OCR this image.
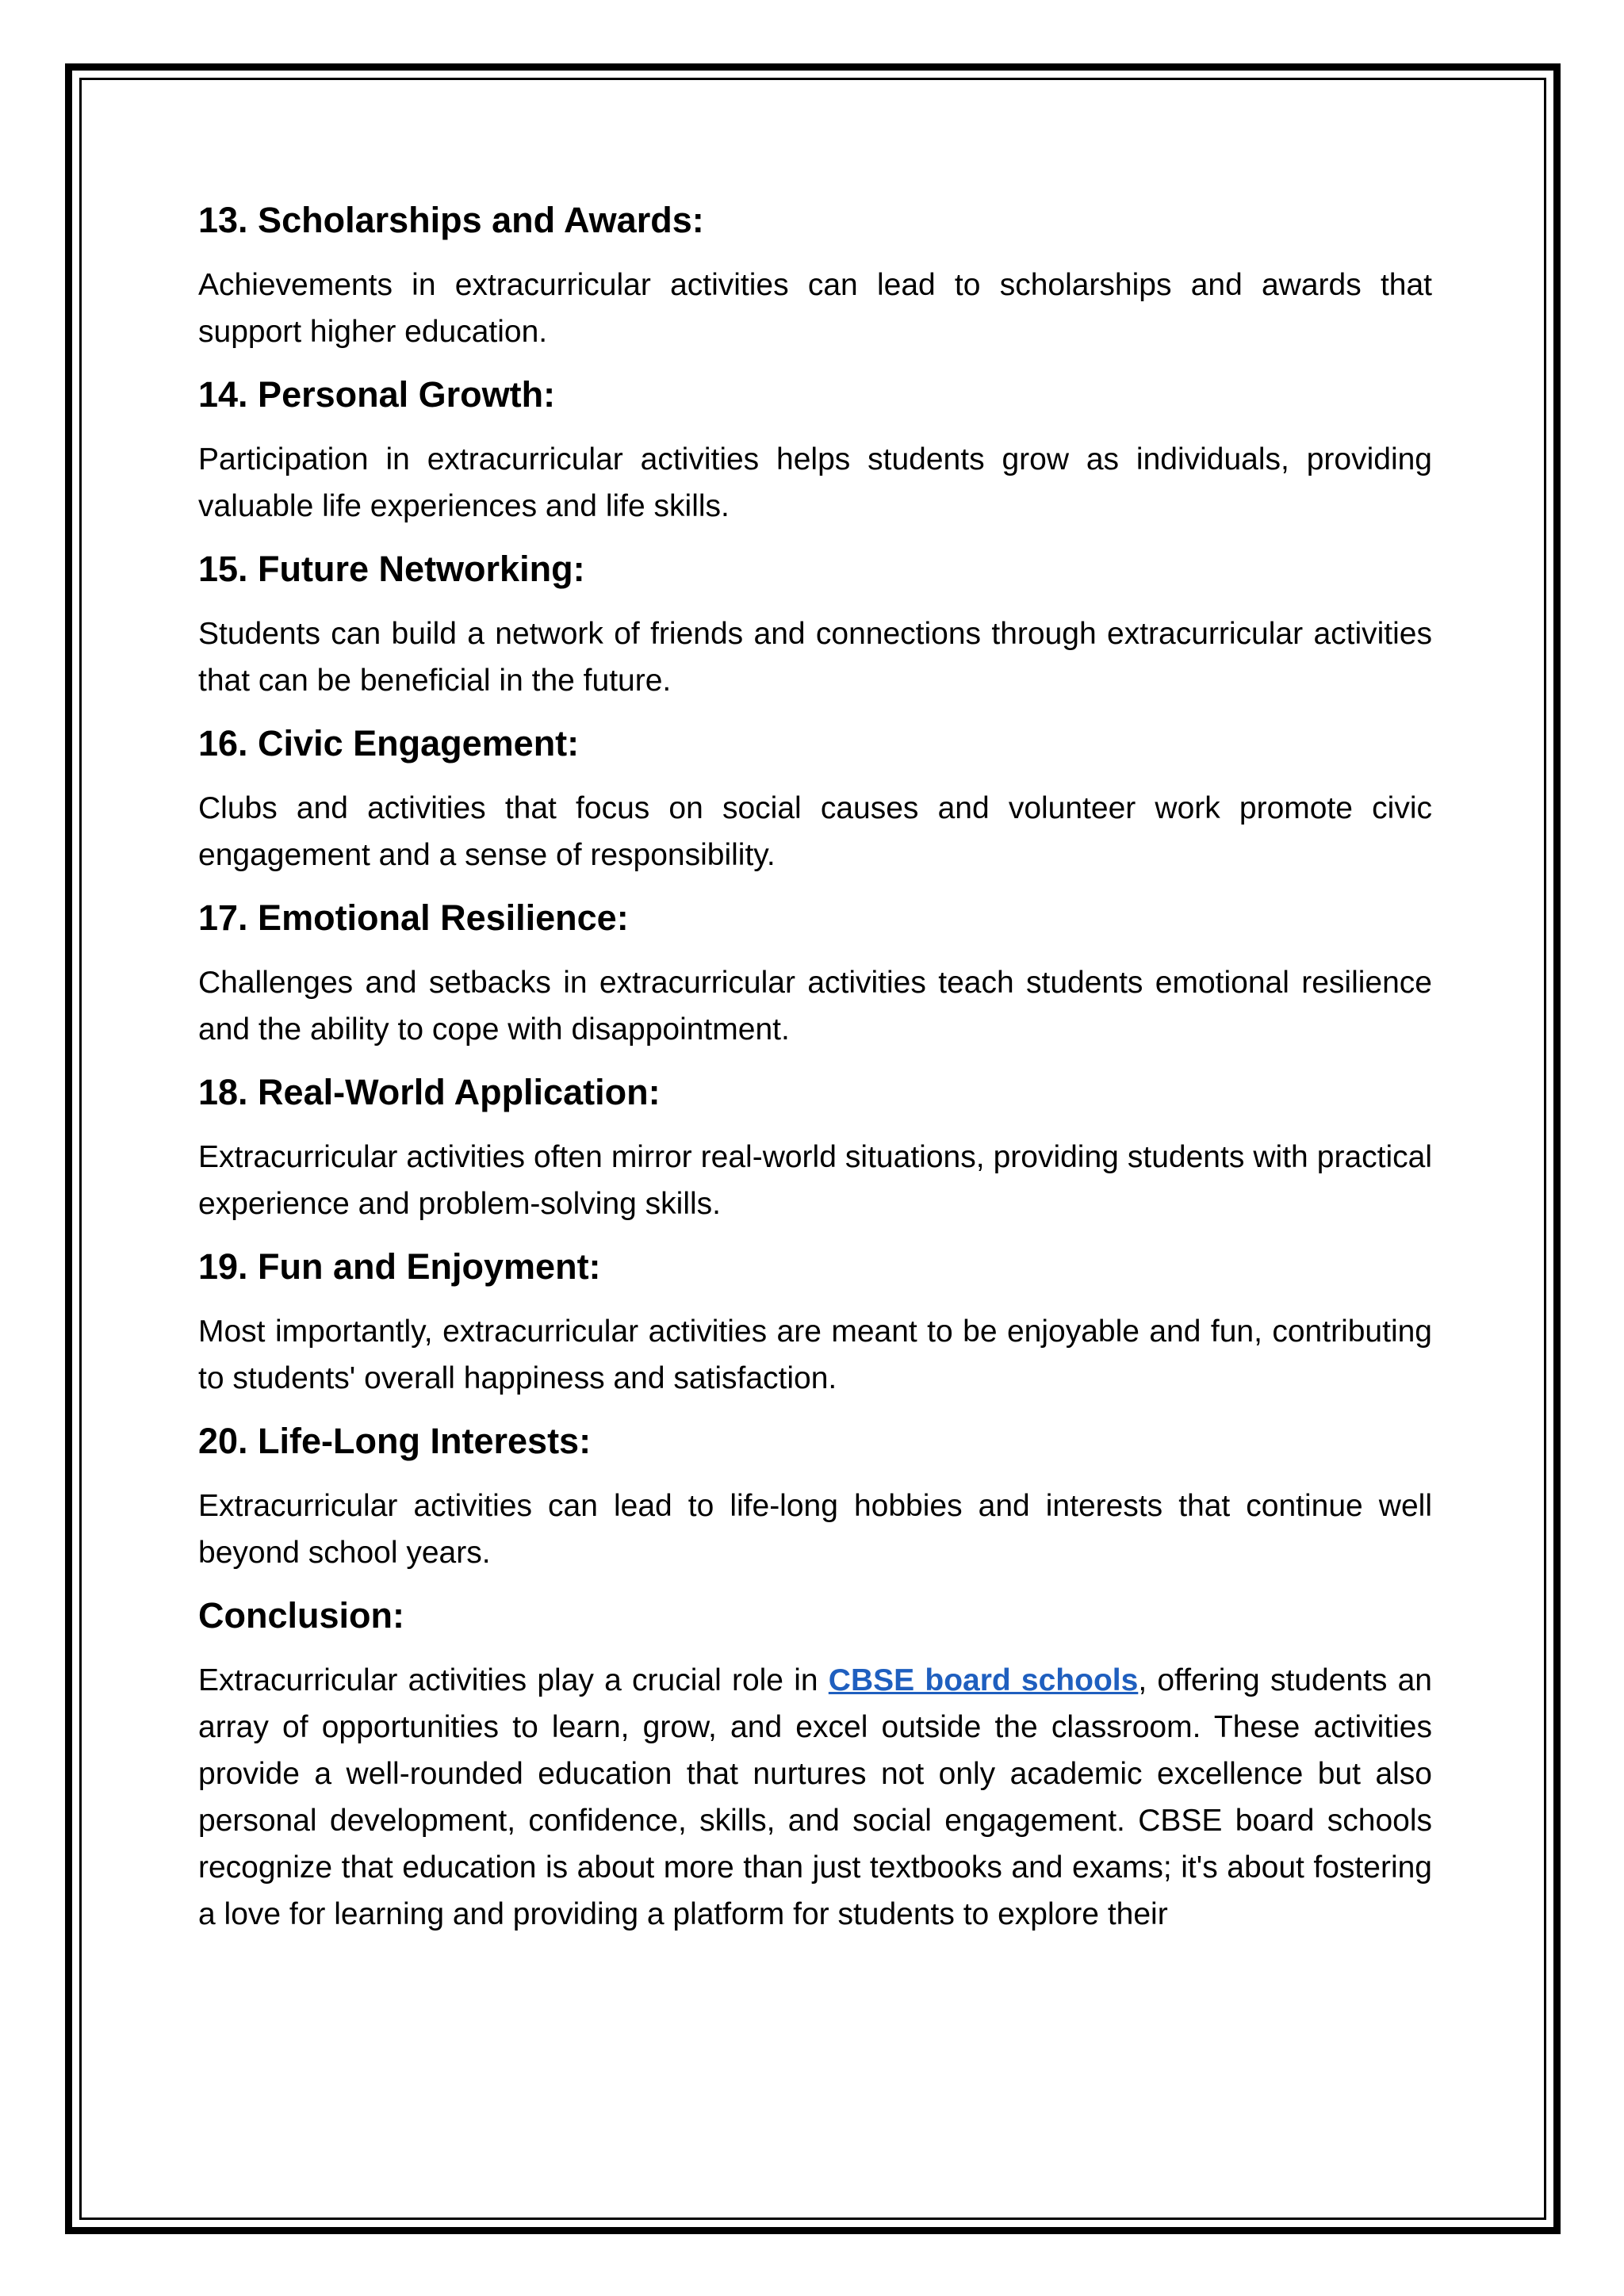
13. Scholarships and Awards:
Achievements in extracurricular activities can lead to scholarships and awards that support higher education.
14. Personal Growth:
Participation in extracurricular activities helps students grow as individuals, providing valuable life experiences and life skills.
15. Future Networking:
Students can build a network of friends and connections through extracurricular activities that can be beneficial in the future.
16. Civic Engagement:
Clubs and activities that focus on social causes and volunteer work promote civic engagement and a sense of responsibility.
17. Emotional Resilience:
Challenges and setbacks in extracurricular activities teach students emotional resilience and the ability to cope with disappointment.
18. Real-World Application:
Extracurricular activities often mirror real-world situations, providing students with practical experience and problem-solving skills.
19. Fun and Enjoyment:
Most importantly, extracurricular activities are meant to be enjoyable and fun, contributing to students' overall happiness and satisfaction.
20. Life-Long Interests:
Extracurricular activities can lead to life-long hobbies and interests that continue well beyond school years.
Conclusion:
Extracurricular activities play a crucial role in CBSE board schools, offering students an array of opportunities to learn, grow, and excel outside the classroom. These activities provide a well-rounded education that nurtures not only academic excellence but also personal development, confidence, skills, and social engagement. CBSE board schools recognize that education is about more than just textbooks and exams; it's about fostering a love for learning and providing a platform for students to explore their
